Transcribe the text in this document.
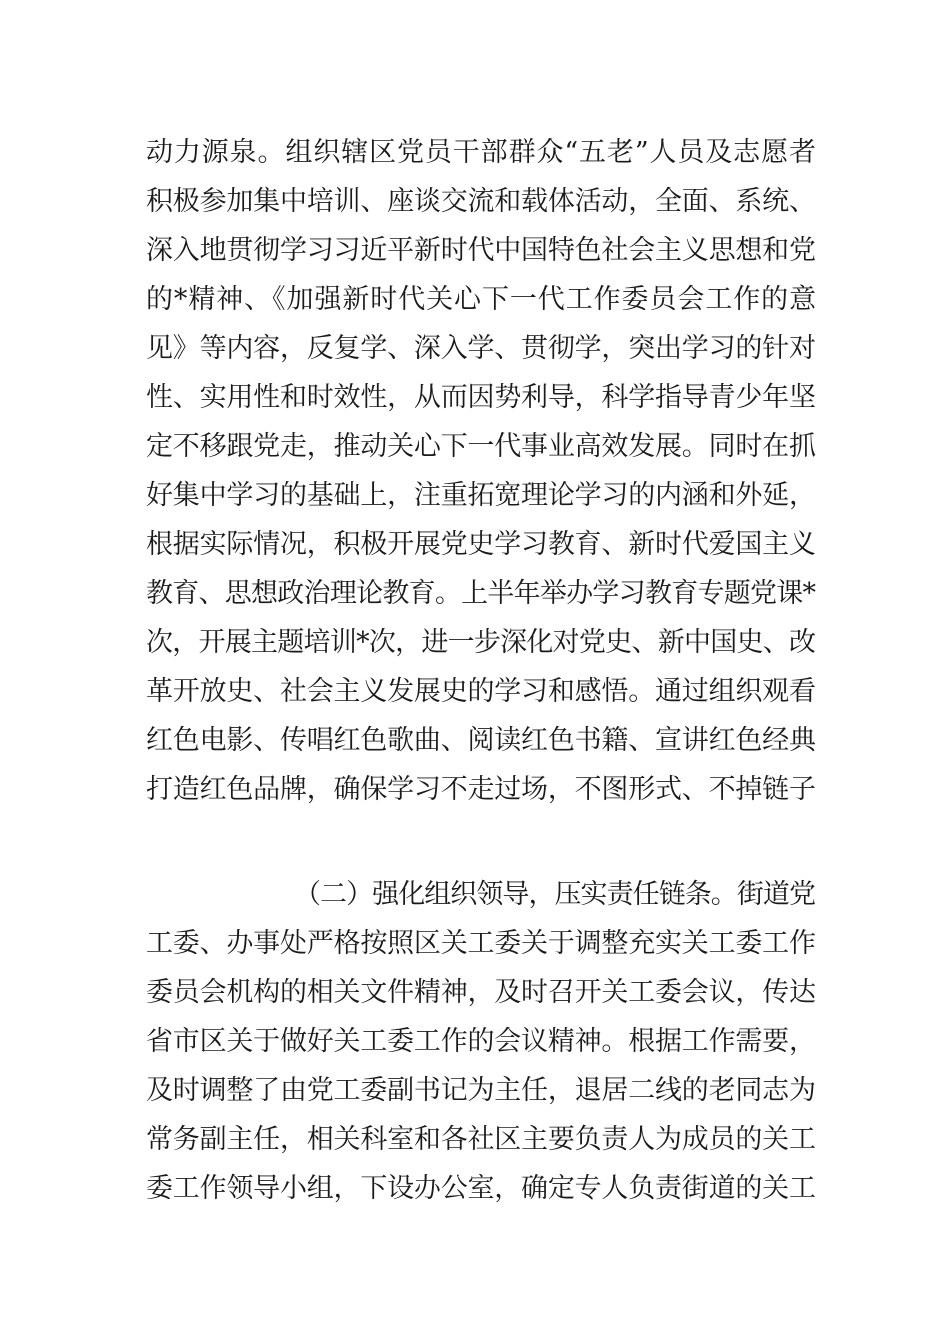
动力源泉。组织辖区党员干部群众“五老”人员及志愿者
积极参加集中培训、座谈交流和载体活动，全面、系统、
深入地贯彻学习习近平新时代中国特色社会主义思想和党
的*精神、《加强新时代关心下一代工作委员会工作的意
见》等内容，反复学、深入学、贯彻学，突出学习的针对
性、实用性和时效性，从而因势利导，科学指导青少年坚
定不移跟党走，推动关心下一代事业高效发展。同时在抓
好集中学习的基础上，注重拓宽理论学习的内涵和外延，
根据实际情况，积极开展党史学习教育、新时代爱国主义
教育、思想政治理论教育。上半年举办学习教育专题党课*
次，开展主题培训*次，进一步深化对党史、新中国史、改
革开放史、社会主义发展史的学习和感悟。通过组织观看
红色电影、传唱红色歌曲、阅读红色书籍、宣讲红色经典
打造红色品牌，确保学习不走过场，不图形式、不掉链子
（二）强化组织领导，压实责任链条。街道党
工委、办事处严格按照区关工委关于调整充实关工委工作
委员会机构的相关文件精神，及时召开关工委会议，传达
省市区关于做好关工委工作的会议精神。根据工作需要，
及时调整了由党工委副书记为主任，退居二线的老同志为
常务副主任，相关科室和各社区主要负责人为成员的关工
委工作领导小组，下设办公室，确定专人负责街道的关工
